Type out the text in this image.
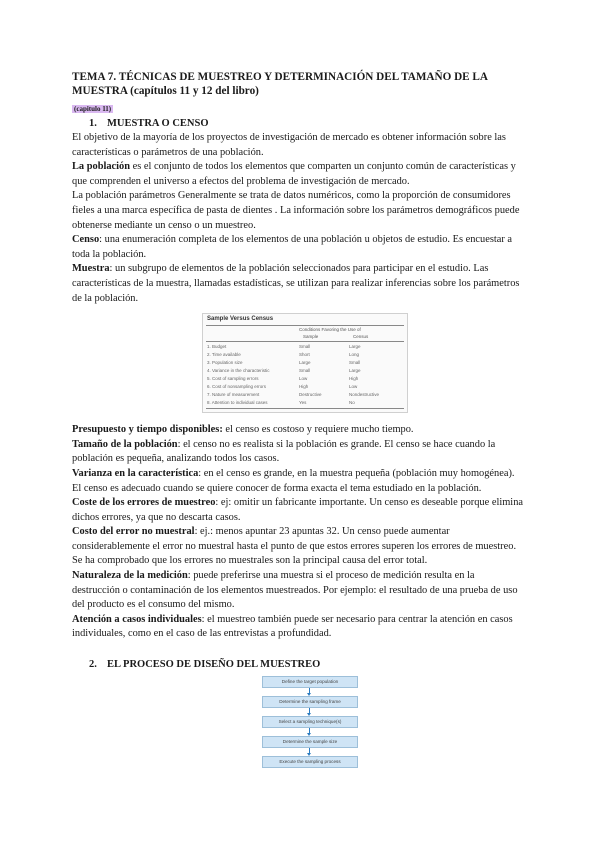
TEMA 7. TÉCNICAS DE MUESTREO Y DETERMINACIÓN DEL TAMAÑO DE LA MUESTRA (capítulos 11 y 12 del libro)

(capitulo 11)
1. MUESTRA O CENSO

El objetivo de la mayoría de los proyectos de investigación de mercado es obtener información sobre las características o parámetros de una población.

La población es el conjunto de todos los elementos que comparten un conjunto común de características y que comprenden el universo a efectos del problema de investigación de mercado.

La población parámetros Generalmente se trata de datos numéricos, como la proporción de consumidores fieles a una marca específica de pasta de dientes . La información sobre los parámetros demográficos puede obtenerse mediante un censo o un muestreo.

Censo: una enumeración completa de los elementos de una población u objetos de estudio. Es encuestar a toda la población.

Muestra: un subgrupo de elementos de la población seleccionados para participar en el estudio. Las características de la muestra, llamadas estadísticas, se utilizan para realizar inferencias sobre los parámetros de la población.

Sample Versus Census
Conditions Favoring the Use of
Sample	Census
1. Budget	Small	Large
2. Time available	Short	Long
3. Population size	Large	Small
4. Variance in the characteristic	Small	Large
5. Cost of sampling errors	Low	High
6. Cost of nonsampling errors	High	Low
7. Nature of measurement	Destructive	Nondestructive
8. Attention to individual cases	Yes	No

Presupuesto y tiempo disponibles: el censo es costoso y requiere mucho tiempo.

Tamaño de la población: el censo no es realista si la población es grande. El censo se hace cuando la población es pequeña, analizando todos los casos.

Varianza en la característica: en el censo es grande, en la muestra pequeña (población muy homogénea). El censo es adecuado cuando se quiere conocer de forma exacta el tema estudiado en la población.

Coste de los errores de muestreo: ej: omitir un fabricante importante. Un censo es deseable porque elimina dichos errores, ya que no descarta casos.

Costo del error no muestral: ej.: menos apuntar 23 apuntas 32. Un censo puede aumentar considerablemente el error no muestral hasta el punto de que estos errores superen los errores de muestreo. Se ha comprobado que los errores no muestrales son la principal causa del error total.

Naturaleza de la medición: puede preferirse una muestra si el proceso de medición resulta en la destrucción o contaminación de los elementos muestreados. Por ejemplo: el resultado de una prueba de uso del producto es el consumo del mismo.

Atención a casos individuales: el muestreo también puede ser necesario para centrar la atención en casos individuales, como en el caso de las entrevistas a profundidad.

2. EL PROCESO DE DISEÑO DEL MUESTREO
Define the target population
Determine the sampling frame
Select a sampling technique(s)
Determine the sample size
Execute the sampling process
